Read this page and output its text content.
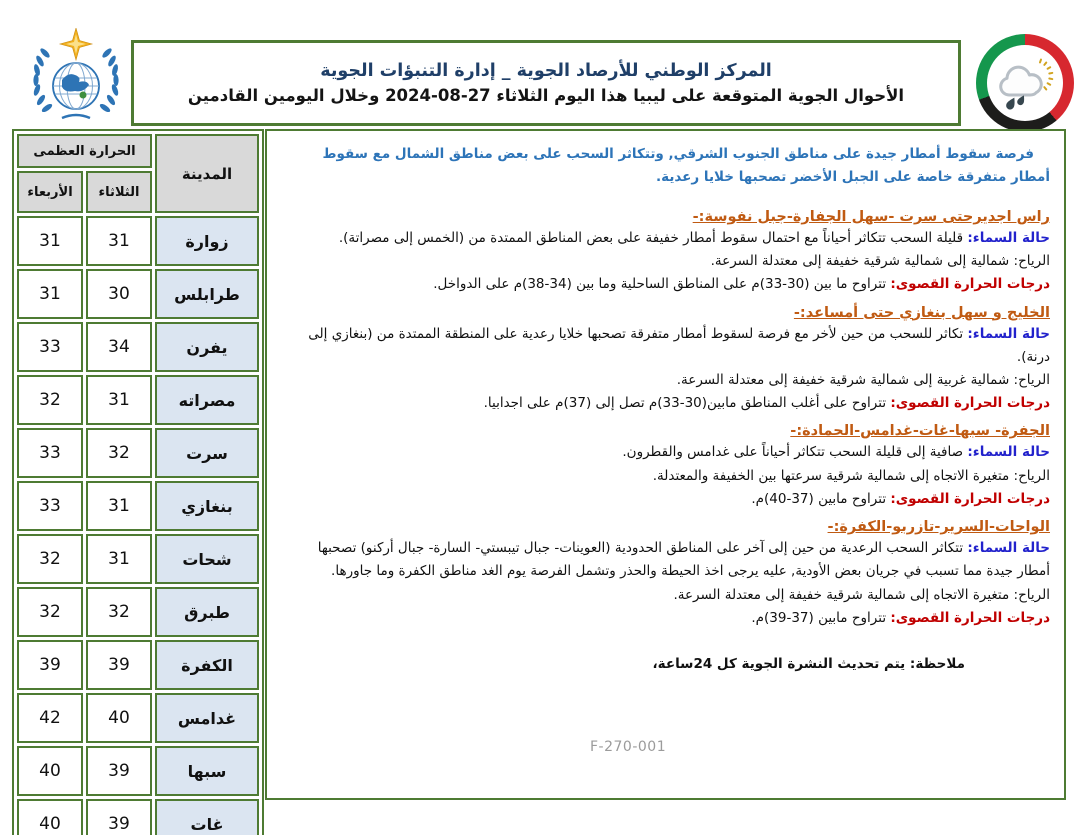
المركز الوطني للأرصاد الجوية _ إدارة التنبؤات الجوية
الأحوال الجوية المتوقعة على ليبيا هذا اليوم الثلاثاء 27-08-2024 وخلال اليومين القادمين
المدينة	الحرارة العظمى	
	الثلاثاء	الأربعاء
زوارة	31	31
طرابلس	30	31
يفرن	34	33
مصراته	31	32
سرت	32	33
بنغازي	31	33
شحات	31	32
طبرق	32	32
الكفرة	39	39
غدامس	40	42
سبها	39	40
غات	39	40

فرصة سقوط أمطار جيدة على مناطق الجنوب الشرقي, وتتكاثر السحب على بعض مناطق الشمال مع سقوط أمطار متفرقة خاصة على الجبل الأخضر تصحبها خلايا رعدية.

راس اجديرحتى سرت -سهل الجفارة-جبل نفوسة:-
حالة السماء: قليلة السحب تتكاثر أحياناً مع احتمال سقوط أمطار خفيفة على بعض المناطق الممتدة من (الخمس إلى مصراتة).
الرياح: شمالية إلى شمالية شرقية خفيفة إلى معتدلة السرعة.
درجات الحرارة القصوى: تتراوح ما بين (30-33)م على المناطق الساحلية وما بين (34-38)م على الدواخل.
الخليج و سهل بنغازي حتى أمساعد:-
حالة السماء: تكاثر للسحب من حين لأخر مع فرصة لسقوط أمطار متفرقة تصحبها خلايا رعدية على المنطقة الممتدة من (بنغازي إلى درنة).
الرياح: شمالية غربية إلى شمالية شرقية خفيفة إلى معتدلة السرعة.
درجات الحرارة القصوى: تتراوح على أغلب المناطق مابين(30-33)م تصل إلى (37)م على اجدابيا.
الجفرة- سبها-غات-غدامس-الحمادة:-
حالة السماء: صافية إلى قليلة السحب تتكاثر أحياناً على غدامس والقطرون.
الرياح: متغيرة الاتجاه إلى شمالية شرقية سرعتها بين الخفيفة والمعتدلة.
درجات الحرارة القصوى: تتراوح مابين (37-40)م.
الواحات-السرير-تازربو-الكفرة:-
حالة السماء: تتكاثر السحب الرعدية من حين إلى آخر على المناطق الحدودية (العوينات- جبال تيبستي- السارة- جبال أركنو) تصحبها أمطار جيدة مما تسبب في جريان بعض الأودية, عليه يرجى اخذ الحيطة والحذر وتشمل الفرصة يوم الغد مناطق الكفرة وما جاورها.
الرياح: متغيرة الاتجاه إلى شمالية شرقية خفيفة إلى معتدلة السرعة.
درجات الحرارة القصوى: تتراوح مابين (37-39)م.
ملاحظة: يتم تحديث النشرة الجوية كل 24ساعة،
F-270-001
